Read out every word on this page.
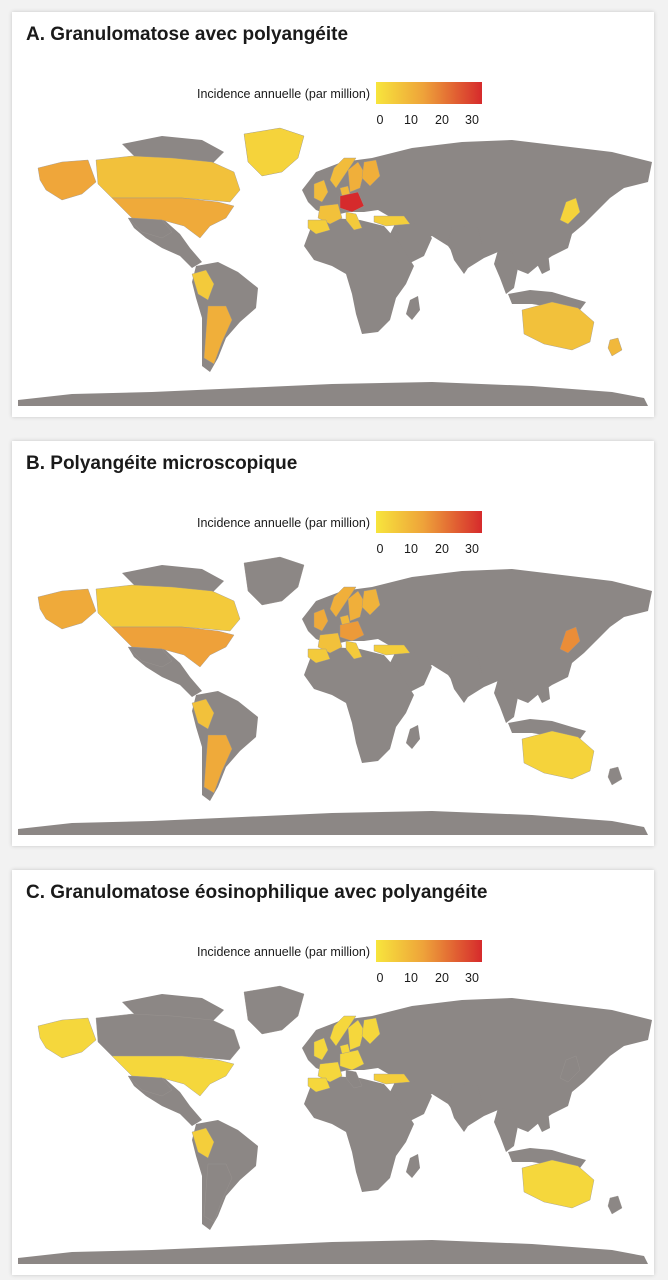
A. Granulomatose avec polyangéite
Incidence annuelle (par million)
0	10	20	30
B. Polyangéite microscopique
Incidence annuelle (par million)
0	10	20	30
C. Granulomatose éosinophilique avec polyangéite
Incidence annuelle (par million)
0	10	20	30
